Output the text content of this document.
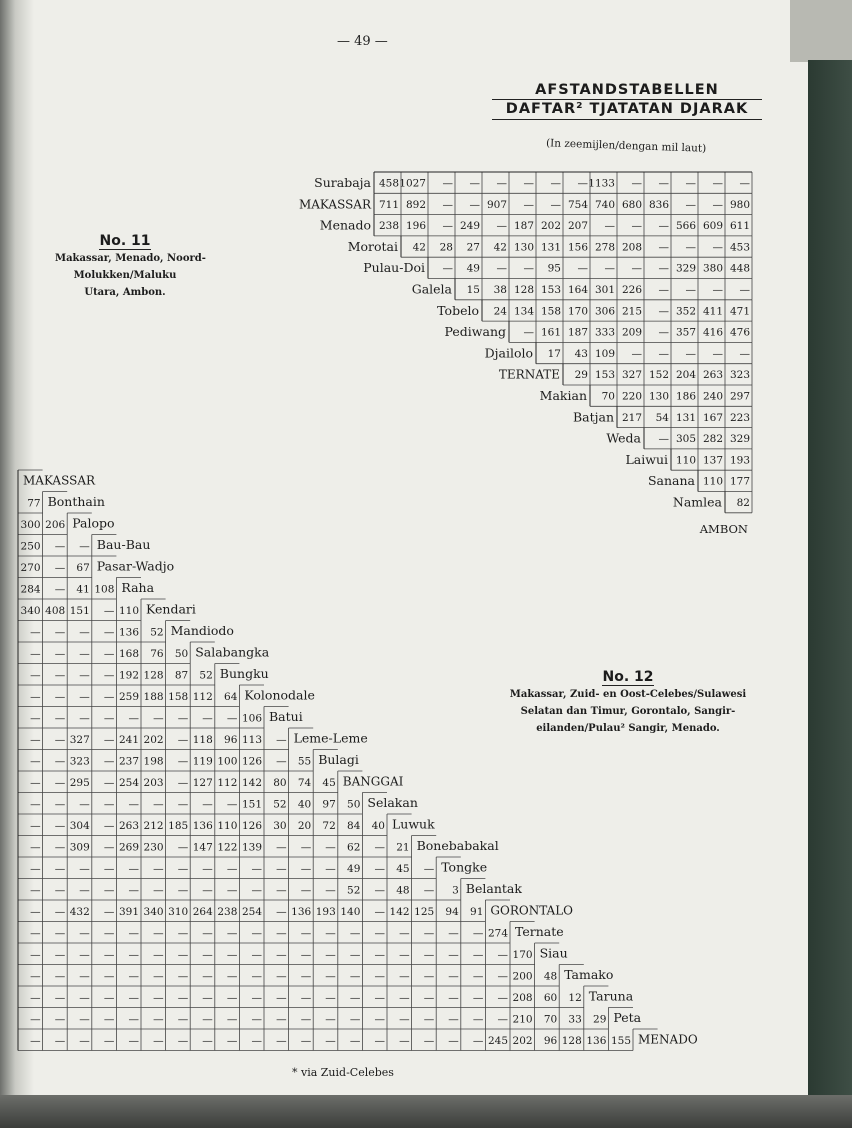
— 49 —
AFSTANDSTABELLEN
DAFTAR² TJATATAN DJARAK
(In zeemijlen/dengan mil laut)
No. 11
Makassar, Menado, Noord-
Molukken/Maluku
Utara, Ambon.
No. 12
Makassar, Zuid- en Oost-Celebes/Sulawesi
Selatan dan Timur, Gorontalo, Sangir-
eilanden/Pulau² Sangir, Menado.
Surabaja 458 1027 — — — — — — 1133 — — — — —
MAKASSAR 711 892 — — 907 — — 754 740 680 836 — — 980
Menado 238 196 — 249 — 187 202 207 — — — 566 609 611
Morotai 42 28 27 42 130 131 156 278 208 — — — 453
Pulau-Doi — 49 — — 95 — — — — 329 380 448
Galela 15 38 128 153 164 301 226 — — — —
Tobelo 24 134 158 170 306 215 — 352 411 471
Pediwang — 161 187 333 209 — 357 416 476
Djailolo 17 43 109 — — — — —
TERNATE 29 153 327 152 204 263 323
Makian 70 220 130 186 240 297
Batjan 217 54 131 167 223
Weda — 305 282 329
Laiwui 110 137 193
Sanana 110 177
Namlea 82
AMBON
MAKASSAR
77 Bonthain
300 206 Palopo
250 — — Bau-Bau
270 — 67 Pasar-Wadjo
284 — 41 108 Raha
340 408 151 — 110 Kendari
— — — — 136 52 Mandiodo
— — — — 168 76 50 Salabangka
— — — — 192 128 87 52 Bungku
— — — — 259 188 158 112 64 Kolonodale
— — — — — — — — — 106 Batui
— — 327 — 241 202 — 118 96 113 — Leme-Leme
— — 323 — 237 198 — 119 100 126 — 55 Bulagi
— — 295 — 254 203 — 127 112 142 80 74 45 BANGGAI
— — — — — — — — — 151 52 40 97 50 Selakan
— — 304 — 263 212 185 136 110 126 30 20 72 84 40 Luwuk
— — 309 — 269 230 — 147 122 139 — — — 62 — 21 Bonebabakal
— — — — — — — — — — — — — 49 — 45 — Tongke
— — — — — — — — — — — — — 52 — 48 — 3 Belantak
— — 432 — 391 340 310 264 238 254 — 136 193 140 — 142 125 94 91 GORONTALO
— — — — — — — — — — — — — — — — — — — 274 Ternate
— — — — — — — — — — — — — — — — — — — — 170 Siau
— — — — — — — — — — — — — — — — — — — — 200 48 Tamako
— — — — — — — — — — — — — — — — — — — — 208 60 12 Taruna
— — — — — — — — — — — — — — — — — — — — 210 70 33 29 Peta
— — — — — — — — — — — — — — — — — — — 245 202 96 128 136 155 MENADO
* via Zuid-Celebes
